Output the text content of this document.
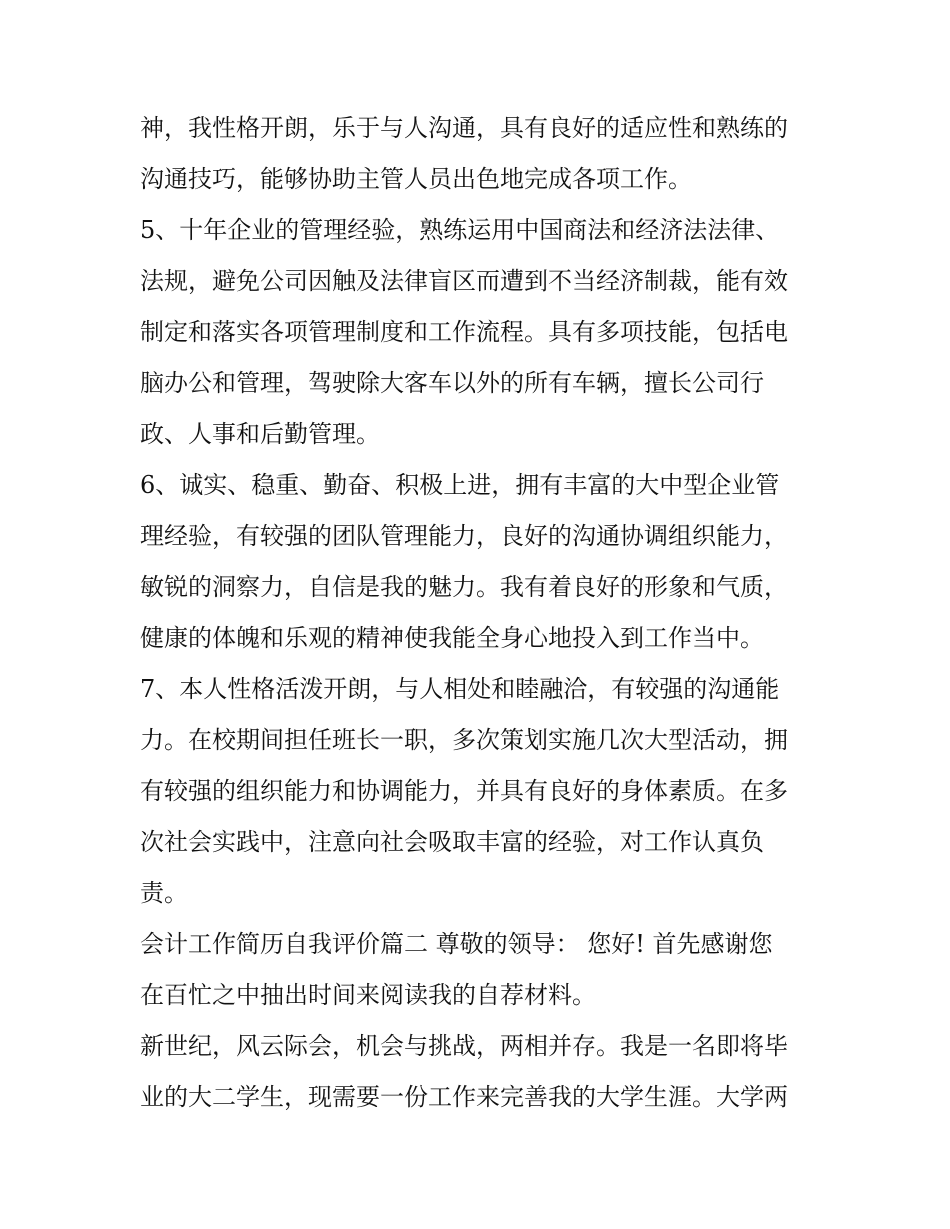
神，我性格开朗，乐于与人沟通，具有良好的适应性和熟练的
沟通技巧，能够协助主管人员出色地完成各项工作。
5、十年企业的管理经验，熟练运用中国商法和经济法法律、
法规，避免公司因触及法律盲区而遭到不当经济制裁，能有效
制定和落实各项管理制度和工作流程。具有多项技能，包括电
脑办公和管理，驾驶除大客车以外的所有车辆，擅长公司行
政、人事和后勤管理。
6、诚实、稳重、勤奋、积极上进，拥有丰富的大中型企业管
理经验，有较强的团队管理能力，良好的沟通协调组织能力，
敏锐的洞察力，自信是我的魅力。我有着良好的形象和气质，
健康的体魄和乐观的精神使我能全身心地投入到工作当中。
7、本人性格活泼开朗，与人相处和睦融洽，有较强的沟通能
力。在校期间担任班长一职，多次策划实施几次大型活动，拥
有较强的组织能力和协调能力，并具有良好的身体素质。在多
次社会实践中，注意向社会吸取丰富的经验，对工作认真负
责。
会计工作简历自我评价篇二 尊敬的领导： 您好! 首先感谢您
在百忙之中抽出时间来阅读我的自荐材料。
新世纪，风云际会，机会与挑战，两相并存。我是一名即将毕
业的大二学生，现需要一份工作来完善我的大学生涯。大学两
